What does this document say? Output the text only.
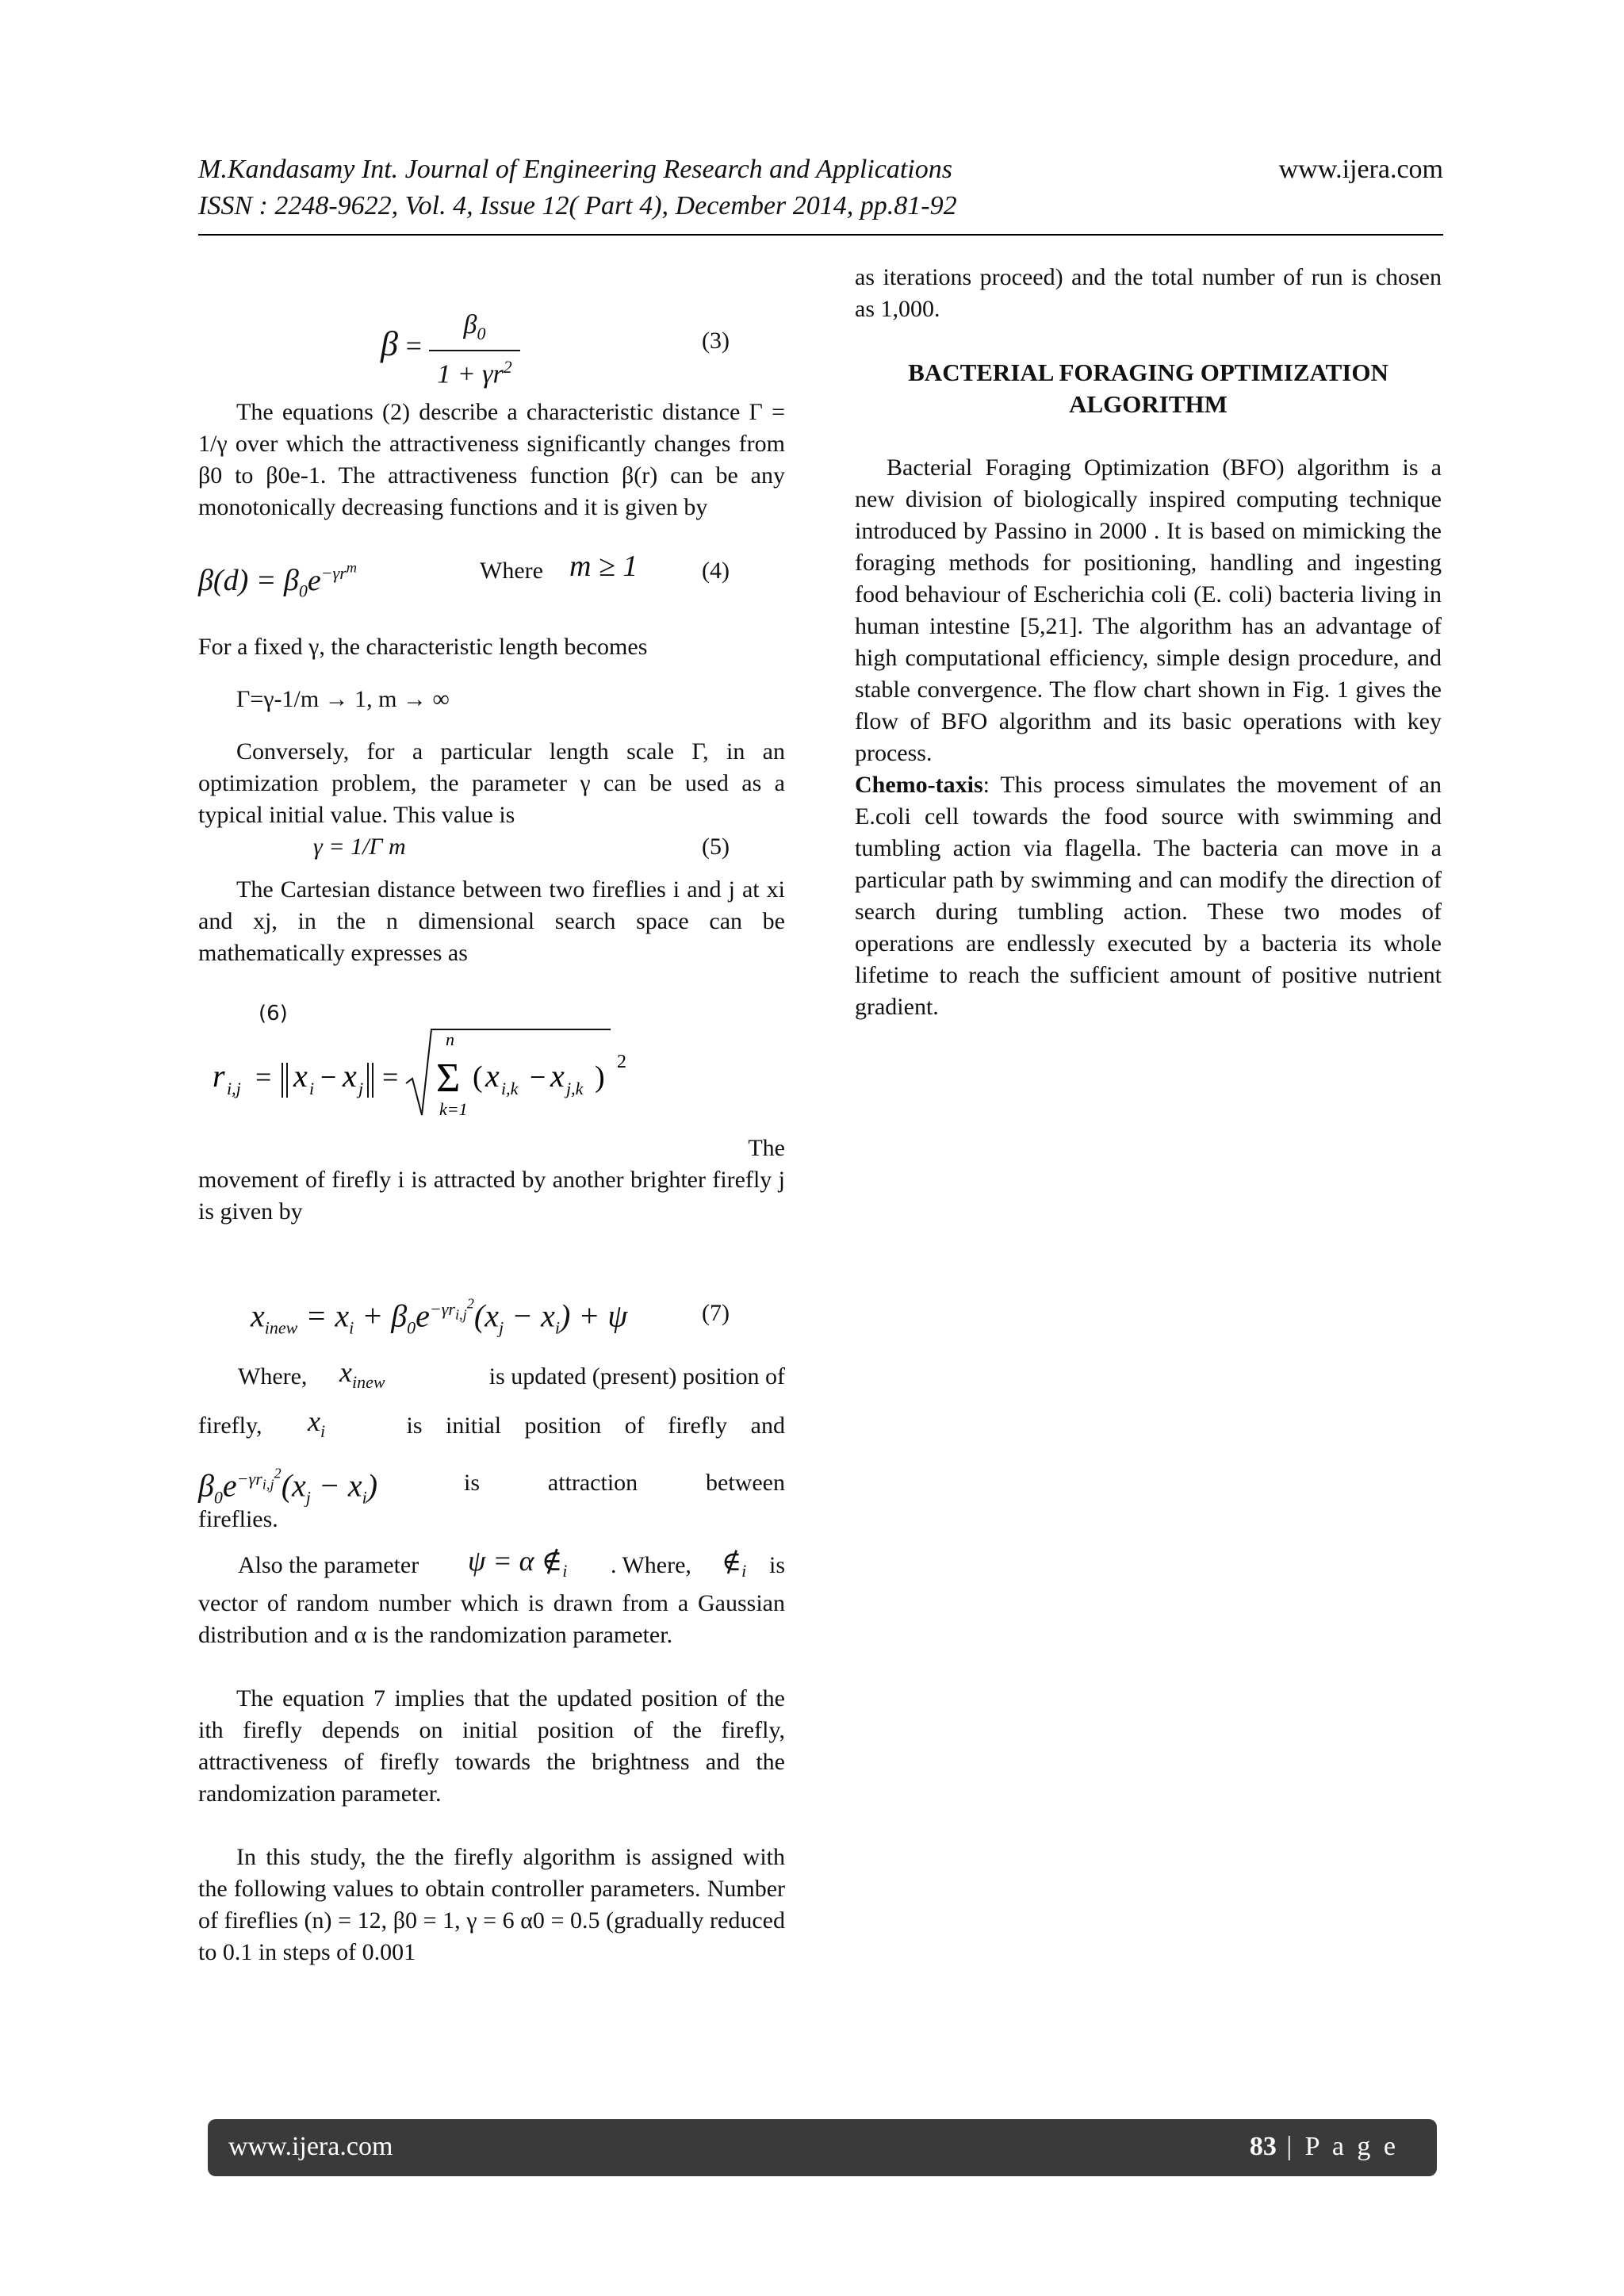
M.Kandasamy Int. Journal of Engineering Research and Applications
ISSN : 2248-9622, Vol. 4, Issue 12( Part 4), December 2014, pp.81-92
www.ijera.com
$\beta = \frac{\beta_0}{1 + \gamma r^2}$	(3)

The equations (2) describe a characteristic distance Γ = 1/γ over which the attractiveness significantly changes from β0 to β0e-1. The attractiveness function β(r) can be any monotonically decreasing functions and it is given by

$\beta(d) = \beta_0e^{-\gamma r^m}$	Where m ≥ 1	(4)

For a fixed γ, the characteristic length becomes

Γ=γ-1/m → 1, m → ∞

Conversely, for a particular length scale Γ, in an optimization problem, the parameter γ can be used as a typical initial value. This value is

γ = 1/Γ m	(5)

The Cartesian distance between two fireflies i and j at xi and xj, in the n dimensional search space can be mathematically expresses as

(6)
r i,j = x i − x j =
n
Σ
k=1
( x i,k − x j,k ) 2

The

movement of firefly i is attracted by another brighter firefly j is given by

$x_{inew} = x_i + \beta_0e^{-\gamma r_{i,j}^2}(x_j - x_i) + \psi$	(7)
Where, $x_{inew}$	is updated (present) position of
firefly, $x_i$	is initial position of firefly and
$\beta_0e^{-\gamma r_{i,j}^2}(x_j - x_i)$	is attraction between

fireflies.

Also the parameter ψ = α $\notin_i$ . Where, $\notin_i$ is

vector of random number which is drawn from a Gaussian distribution and α is the randomization parameter.

The equation 7 implies that the updated position of the ith firefly depends on initial position of the firefly, attractiveness of firefly towards the brightness and the randomization parameter.

In this study, the the firefly algorithm is assigned with the following values to obtain controller parameters. Number of fireflies (n) = 12, β0 = 1, γ = 6 α0 = 0.5 (gradually reduced to 0.1 in steps of 0.001

as iterations proceed) and the total number of run is chosen as 1,000.

BACTERIAL FORAGING OPTIMIZATION
ALGORITHM

Bacterial Foraging Optimization (BFO) algorithm is a new division of biologically inspired computing technique introduced by Passino in 2000 . It is based on mimicking the foraging methods for positioning, handling and ingesting food behaviour of Escherichia coli (E. coli) bacteria living in human intestine [5,21]. The algorithm has an advantage of high computational efficiency, simple design procedure, and stable convergence. The flow chart shown in Fig. 1 gives the flow of BFO algorithm and its basic operations with key process.

Chemo-taxis: This process simulates the movement of an E.coli cell towards the food source with swimming and tumbling action via flagella. The bacteria can move in a particular path by swimming and can modify the direction of search during tumbling action. These two modes of operations are endlessly executed by a bacteria its whole lifetime to reach the sufficient amount of positive nutrient gradient.

www.ijera.com	83 | P a g e
